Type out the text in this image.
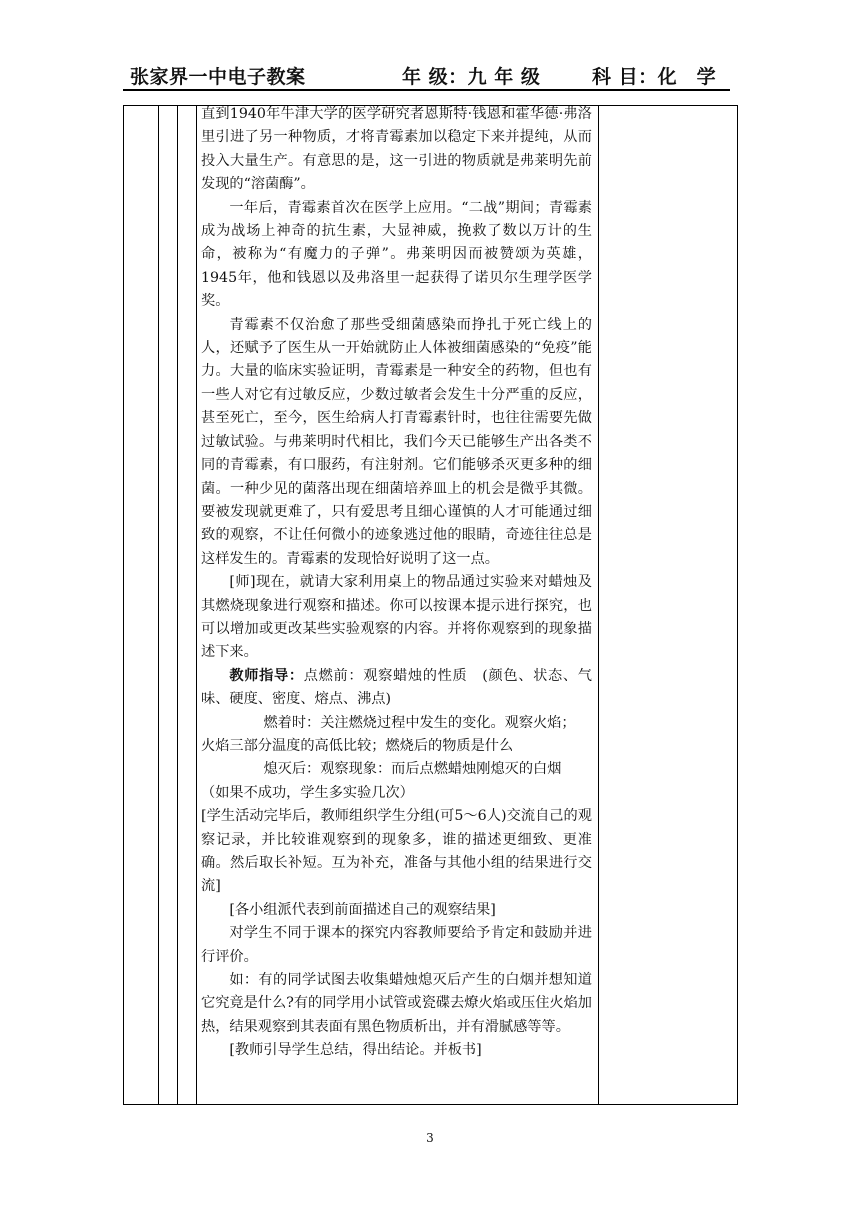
张家界一中电子教案	年 级：九 年 级	科 目：化　学

直到1940年牛津大学的医学研究者恩斯特·钱恩和霍华德·弗洛里引进了另一种物质，才将青霉素加以稳定下来并提纯，从而投入大量生产。有意思的是，这一引进的物质就是弗莱明先前发现的“溶菌酶”。

一年后，青霉素首次在医学上应用。“二战”期间；青霉素成为战场上神奇的抗生素，大显神威，挽救了数以万计的生命，被称为“有魔力的子弹”。弗莱明因而被赞颂为英雄，1945年，他和钱恩以及弗洛里一起获得了诺贝尔生理学医学奖。

青霉素不仅治愈了那些受细菌感染而挣扎于死亡线上的人，还赋予了医生从一开始就防止人体被细菌感染的“免疫”能力。大量的临床实验证明，青霉素是一种安全的药物，但也有一些人对它有过敏反应，少数过敏者会发生十分严重的反应，甚至死亡，至今，医生给病人打青霉素针时，也往往需要先做过敏试验。与弗莱明时代相比，我们今天已能够生产出各类不同的青霉素，有口服药，有注射剂。它们能够杀灭更多种的细菌。一种少见的菌落出现在细菌培养皿上的机会是微乎其微。要被发现就更难了，只有爱思考且细心谨慎的人才可能通过细致的观察，不让任何微小的迹象逃过他的眼睛，奇迹往往总是这样发生的。青霉素的发现恰好说明了这一点。

[师]现在，就请大家利用桌上的物品通过实验来对蜡烛及其燃烧现象进行观察和描述。你可以按课本提示进行探究，也可以增加或更改某些实验观察的内容。并将你观察到的现象描述下来。

教师指导：点燃前：观察蜡烛的性质　(颜色、状态、气味、硬度、密度、熔点、沸点)

燃着时：关注燃烧过程中发生的变化。观察火焰；

火焰三部分温度的高低比较；燃烧后的物质是什么

熄灭后：观察现象：而后点燃蜡烛刚熄灭的白烟

（如果不成功，学生多实验几次）

[学生活动完毕后，教师组织学生分组(可5～6人)交流自己的观察记录，并比较谁观察到的现象多，谁的描述更细致、更准确。然后取长补短。互为补充，准备与其他小组的结果进行交流]

[各小组派代表到前面描述自己的观察结果]

对学生不同于课本的探究内容教师要给予肯定和鼓励并进行评价。

如：有的同学试图去收集蜡烛熄灭后产生的白烟并想知道它究竟是什么?有的同学用小试管或瓷碟去燎火焰或压住火焰加热，结果观察到其表面有黑色物质析出，并有滑腻感等等。

[教师引导学生总结，得出结论。并板书]

3
